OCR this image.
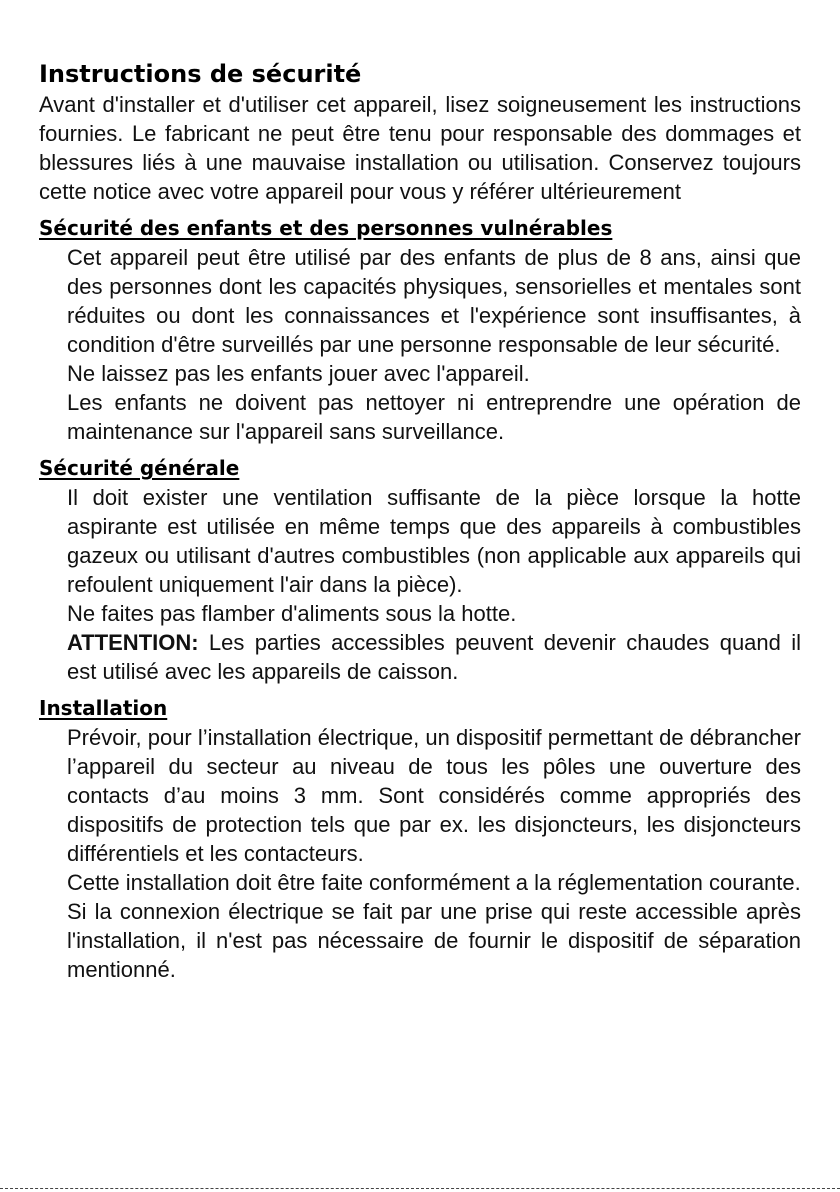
Instructions de sécurité

Avant d'installer et d'utiliser cet appareil, lisez soigneusement les instructions fournies. Le fabricant ne peut être tenu pour responsable des dommages et blessures liés à une mauvaise installation ou utilisation. Conservez toujours cette notice avec votre appareil pour vous y référer ultérieurement

Sécurité des enfants et des personnes vulnérables

Cet appareil peut être utilisé par des enfants de plus de 8 ans, ainsi que des personnes dont les capacités physiques, sensorielles et mentales sont réduites ou dont les connaissances et l'expérience sont insuffisantes, à condition d'être surveillés par une personne responsable de leur sécurité.

Ne laissez pas les enfants jouer avec l'appareil.

Les enfants ne doivent pas nettoyer ni entreprendre une opération de maintenance sur l'appareil sans surveillance.

Sécurité générale

Il doit exister une ventilation suffisante de la pièce lorsque la hotte aspirante est utilisée en même temps que des appareils à combustibles gazeux ou utilisant d'autres combustibles (non applicable aux appareils qui refoulent uniquement l'air dans la pièce).

Ne faites pas flamber d'aliments sous la hotte.

ATTENTION: Les parties accessibles peuvent devenir chaudes quand il est utilisé avec les appareils de caisson.

Installation

Prévoir, pour l’installation électrique, un dispositif permettant de débrancher l’appareil du secteur au niveau de tous les pôles une ouverture des contacts d’au moins 3 mm. Sont considérés comme appropriés des dispositifs de protection tels que par ex. les disjoncteurs, les disjoncteurs différentiels et les contacteurs.

Cette installation doit être faite conformément a la réglementation courante.

Si la connexion électrique se fait par une prise qui reste accessible après l'installation, il n'est pas nécessaire de fournir le dispositif de séparation mentionné.
